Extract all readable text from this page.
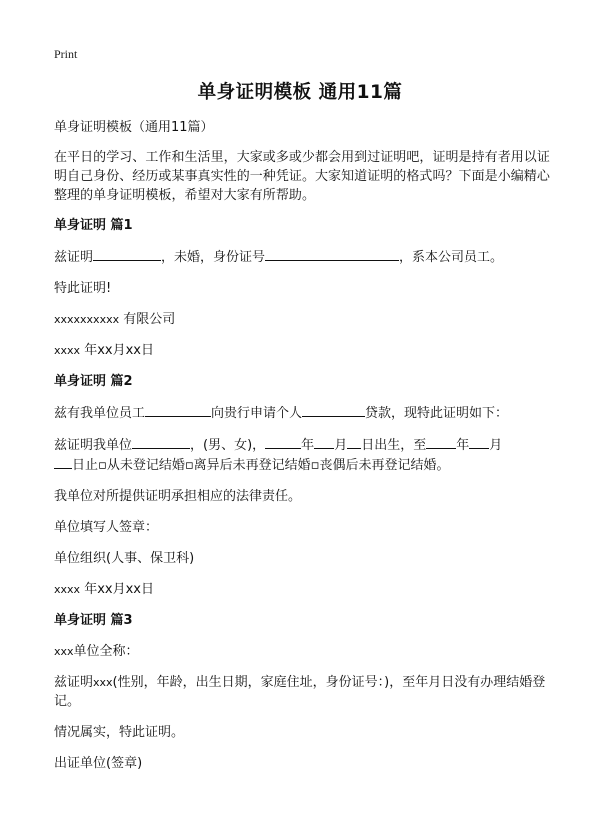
Print
单身证明模板 通用11篇

单身证明模板（通用11篇）

在平日的学习、工作和生活里，大家或多或少都会用到过证明吧，证明是持有者用以证明自己身份、经历或某事真实性的一种凭证。大家知道证明的格式吗？下面是小编精心整理的单身证明模板，希望对大家有所帮助。

单身证明 篇1

兹证明	，未婚，身份证号	，系本公司员工。

特此证明!

xxxxxxxxxx 有限公司

xxxx 年xx月xx日

单身证明 篇2

兹有我单位员工	向贵行申请个人	贷款，现特此证明如下：

兹证明我单位	，(男、女)，	年 月 日出生，至 年 月
日止▫从未登记结婚▫离异后未再登记结婚▫丧偶后未再登记结婚。

我单位对所提供证明承担相应的法律责任。

单位填写人签章：

单位组织(人事、保卫科)

xxxx 年xx月xx日

单身证明 篇3

xxx单位全称：

兹证明xxx(性别，年龄，出生日期，家庭住址，身份证号：)，至年月日没有办理结婚登记。

情况属实，特此证明。

出证单位(签章)
